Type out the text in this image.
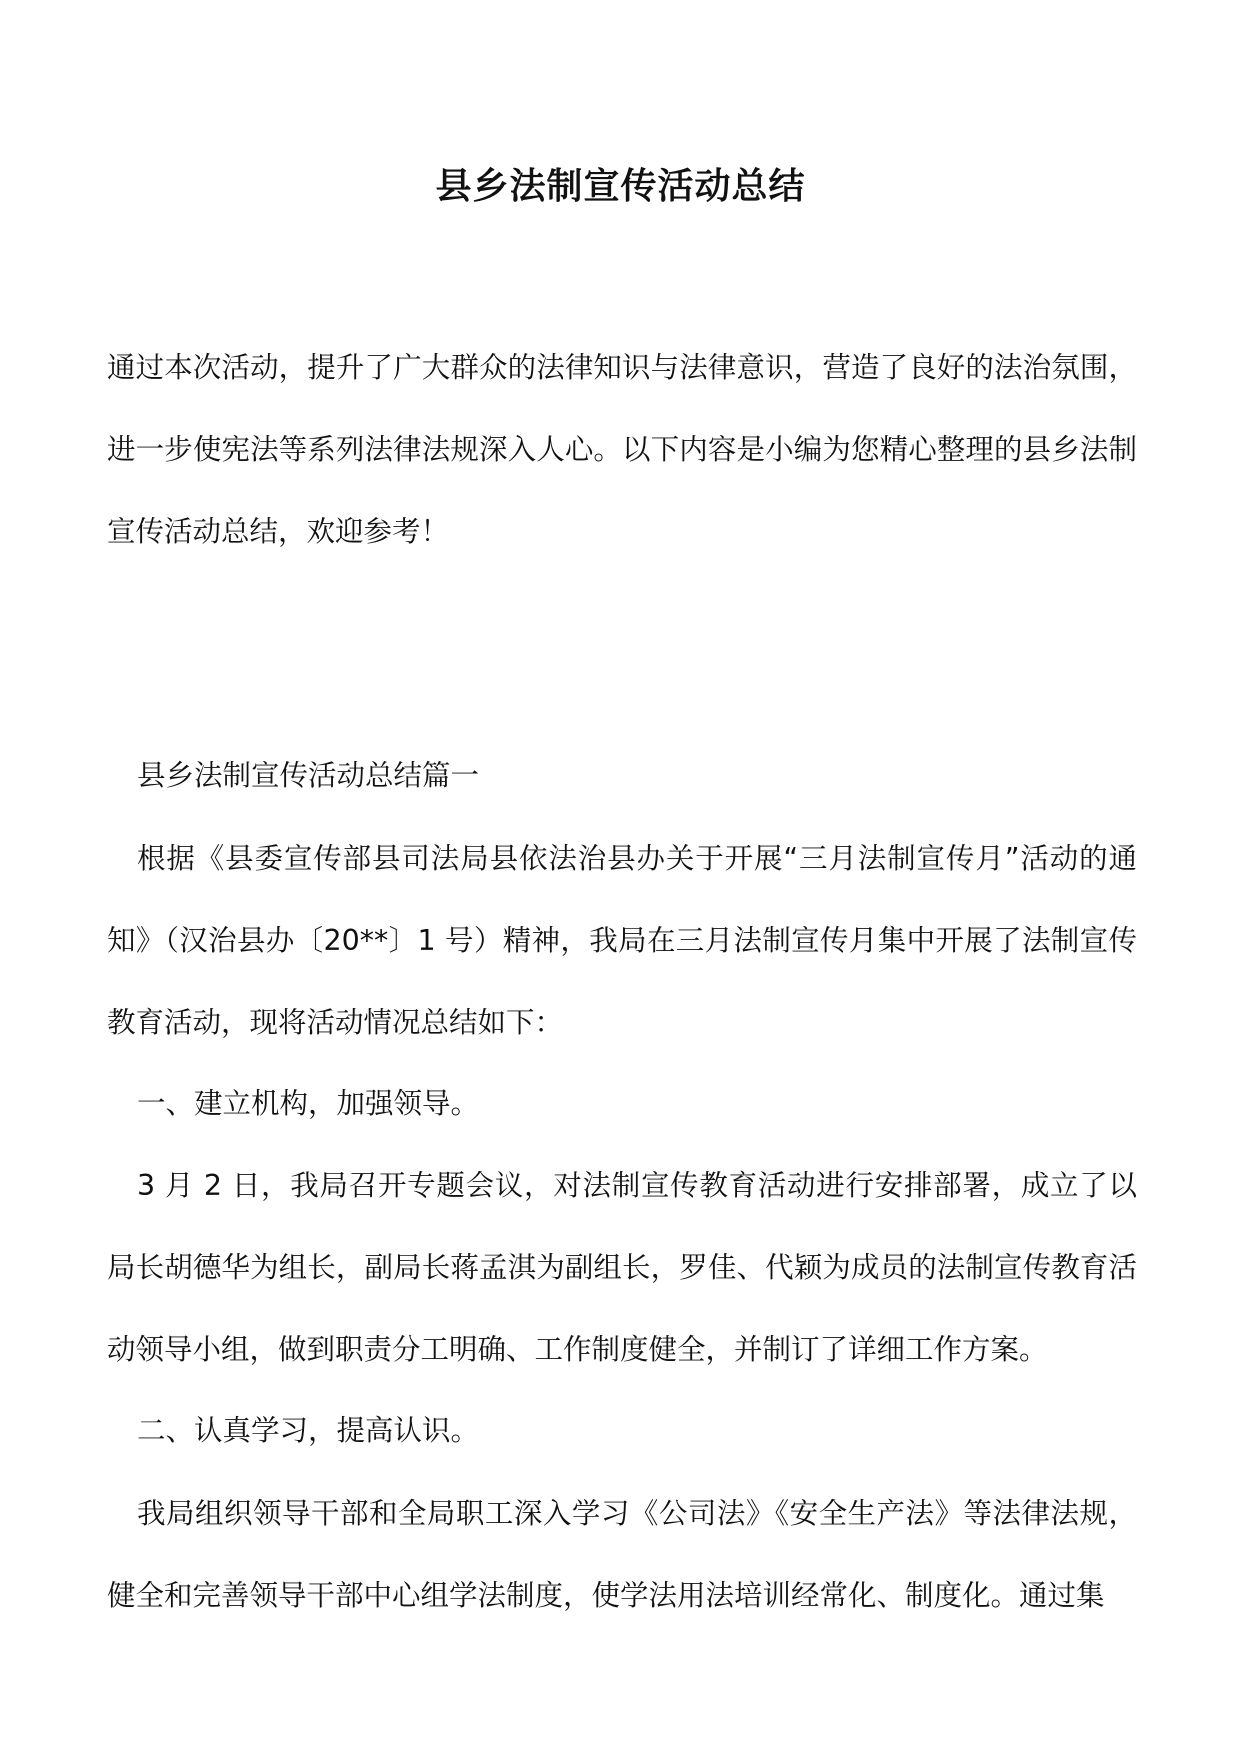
县乡法制宣传活动总结

通过本次活动，提升了广大群众的法律知识与法律意识，营造了良好的法治氛围，进一步使宪法等系列法律法规深入人心。以下内容是小编为您精心整理的县乡法制宣传活动总结，欢迎参考！

县乡法制宣传活动总结篇一

根据《县委宣传部县司法局县依法治县办关于开展“三月法制宣传月”活动的通知》（汉治县办〔20**〕1 号）精神，我局在三月法制宣传月集中开展了法制宣传教育活动，现将活动情况总结如下：

一、建立机构，加强领导。

3 月 2 日，我局召开专题会议，对法制宣传教育活动进行安排部署，成立了以局长胡德华为组长，副局长蒋孟淇为副组长，罗佳、代颖为成员的法制宣传教育活动领导小组，做到职责分工明确、工作制度健全，并制订了详细工作方案。

二、认真学习，提高认识。

我局组织领导干部和全局职工深入学习《公司法》《安全生产法》等法律法规，健全和完善领导干部中心组学法制度，使学法用法培训经常化、制度化。通过集
